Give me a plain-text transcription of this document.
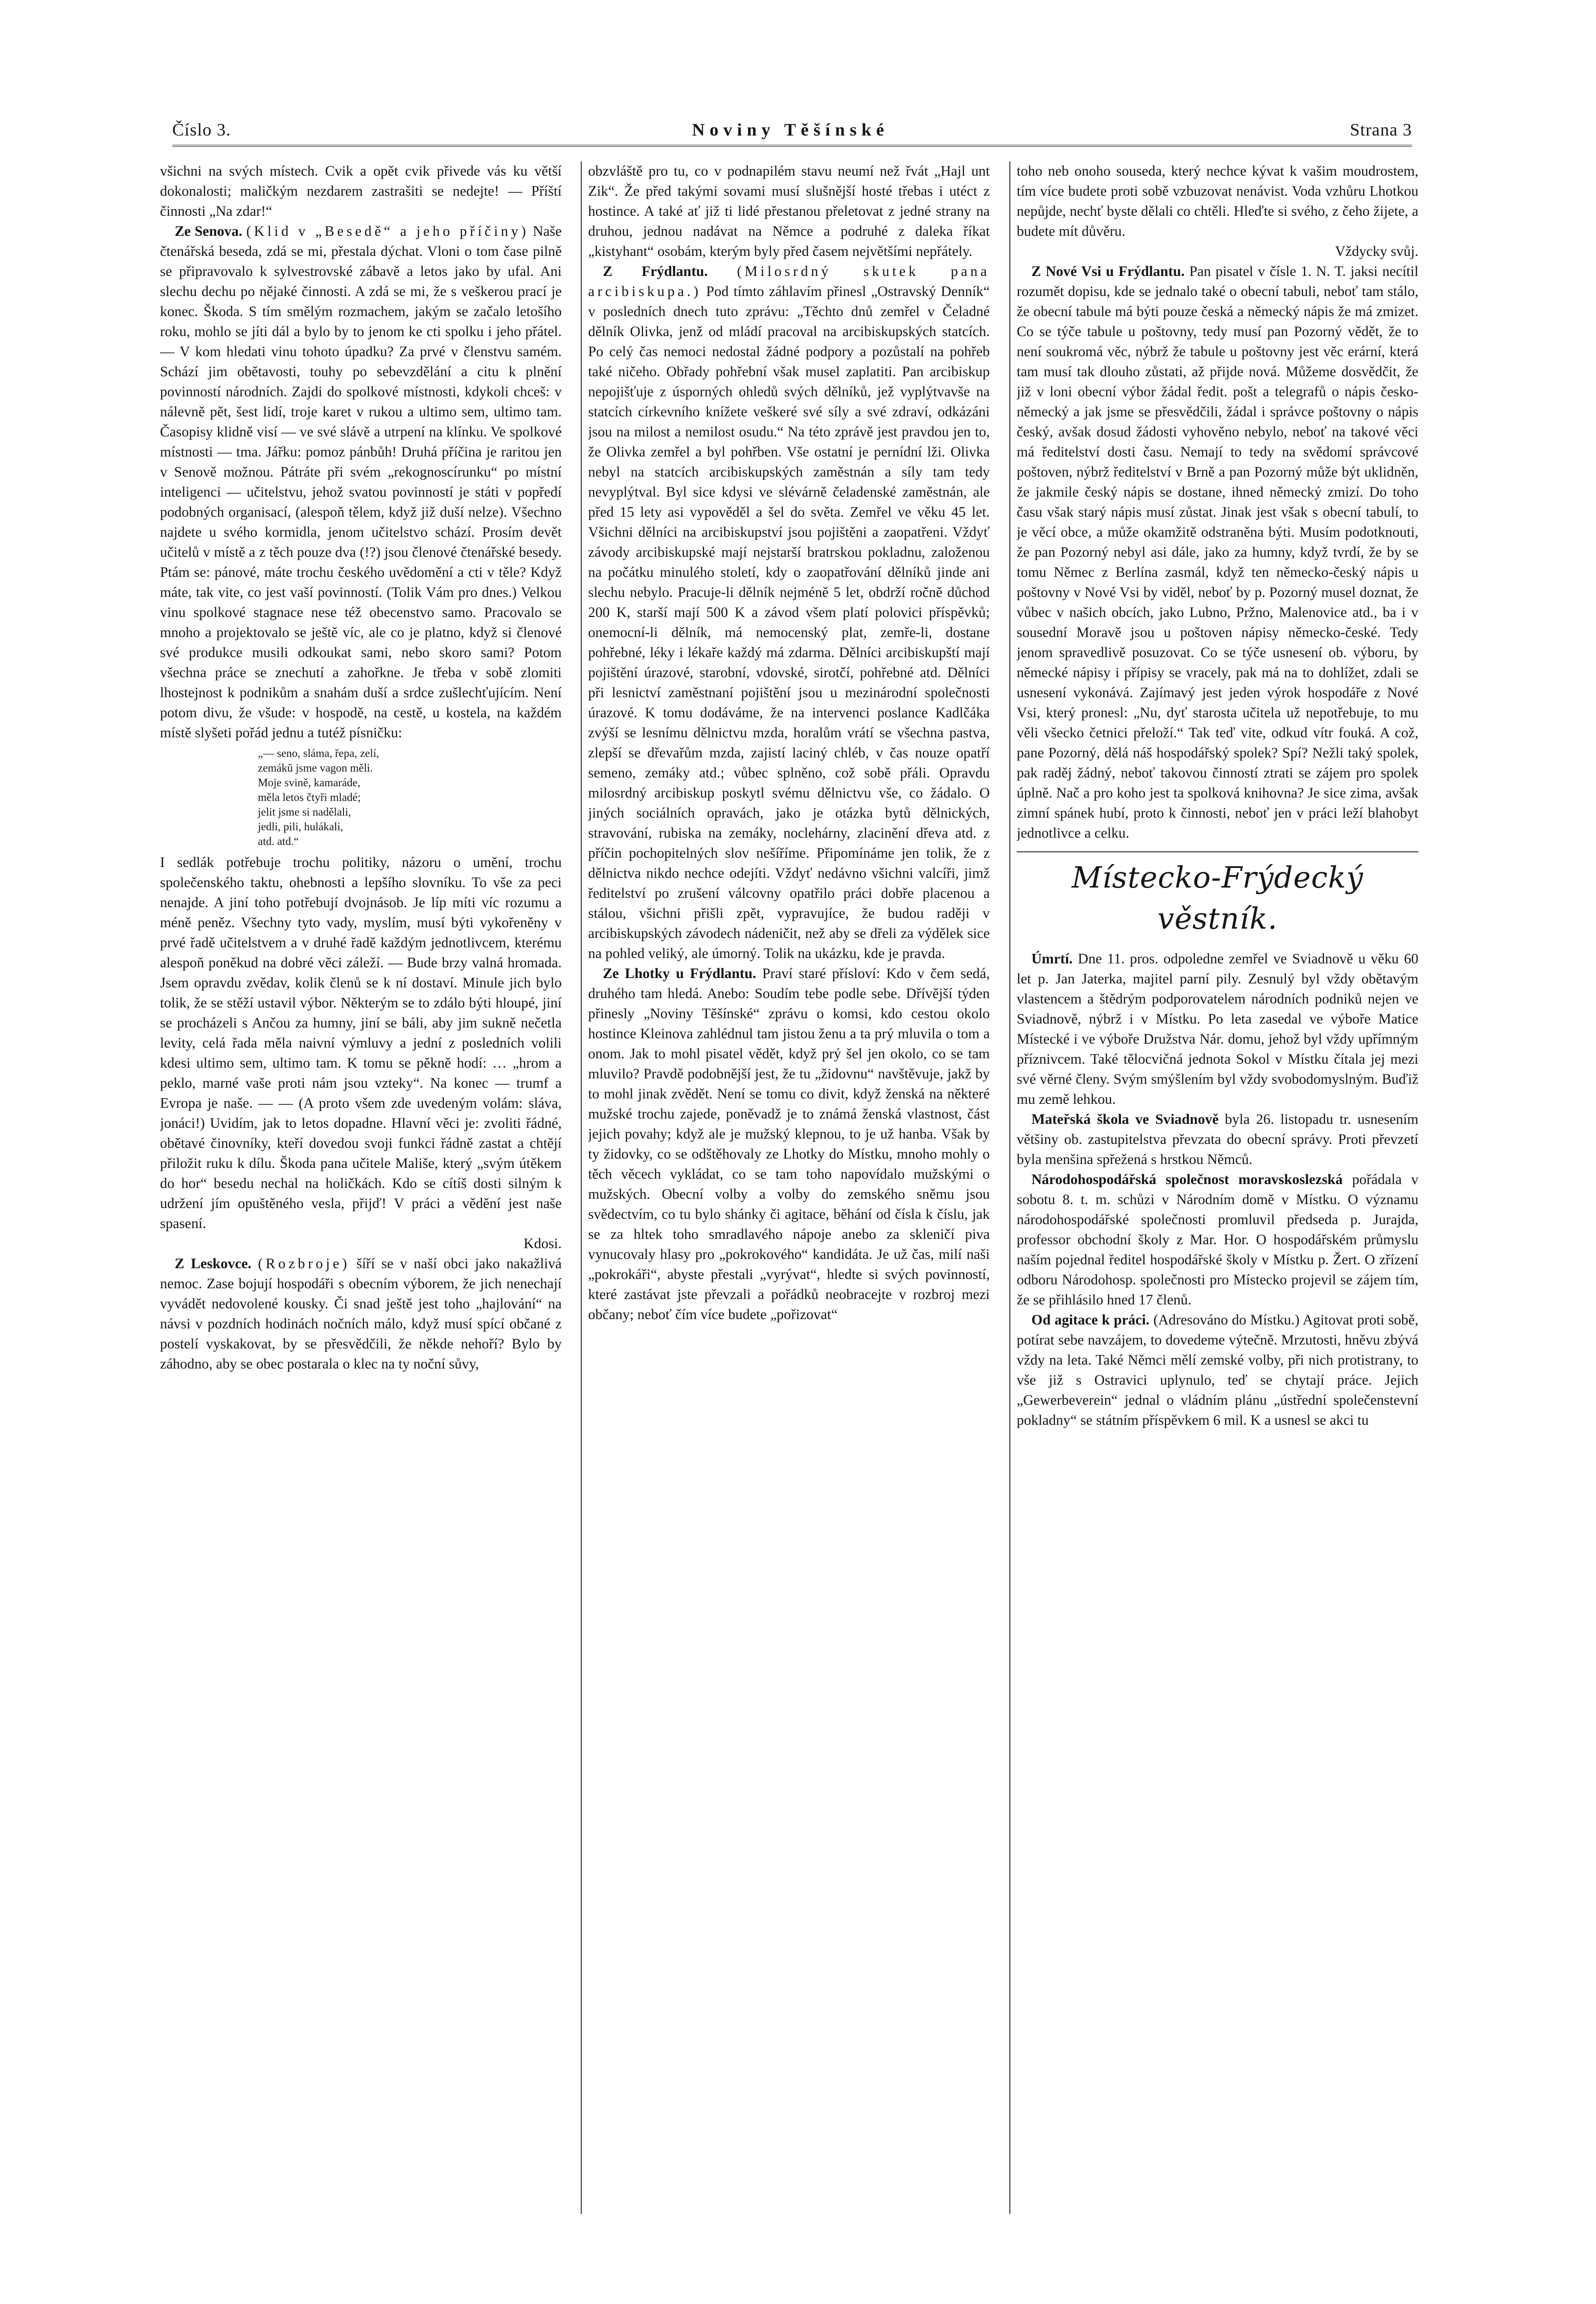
Číslo 3.	Noviny Těšínské	Strana 3

všichni na svých místech. Cvik a opět cvik přivede vás ku větší dokonalosti; maličkým nezdarem zastrašiti se nedejte! — Příští činnosti „Na zdar!“

Ze Senova. (Klid v „Besedě“ a jeho příčiny) Naše čtenářská beseda, zdá se mi, přestala dýchat. Vloni o tom čase pilně se připravovalo k sylvestrovské zábavě a letos jako by ufal. Ani slechu dechu po nějaké činnosti. A zdá se mi, že s veškerou prací je konec. Škoda. S tím smělým rozmachem, jakým se začalo letošího roku, mohlo se jíti dál a bylo by to jenom ke cti spolku i jeho přátel. — V kom hledati vinu tohoto úpadku? Za prvé v členstvu samém. Schází jim obětavosti, touhy po sebevzdělání a citu k plnění povinností národních. Zajdi do spolkové místnosti, kdykoli chceš: v nálevně pět, šest lidí, troje karet v rukou a ultimo sem, ultimo tam. Časopisy klidně visí — ve své slávě a utrpení na klínku. Ve spolkové místnosti — tma. Jářku: pomoz pánbůh! Druhá příčina je raritou jen v Senově možnou. Pátráte při svém „rekognoscírunku“ po místní inteligenci — učitelstvu, jehož svatou povinností je státi v popředí podobných organisací, (alespoň tělem, když již duší nelze). Všechno najdete u svého kormidla, jenom učitelstvo schází. Prosím devět učitelů v místě a z těch pouze dva (!?) jsou členové čtenářské besedy. Ptám se: pánové, máte trochu českého uvědomění a cti v těle? Když máte, tak vite, co jest vaší povinností. (Tolik Vám pro dnes.) Velkou vinu spolkové stagnace nese též obecenstvo samo. Pracovalo se mnoho a projektovalo se ještě víc, ale co je platno, když si členové své produkce musili odkoukat sami, nebo skoro sami? Potom všechna práce se znechutí a zahořkne. Je třeba v sobě zlomiti lhostejnost k podnikům a snahám duší a srdce zušlechťujícím. Není potom divu, že všude: v hospodě, na cestě, u kostela, na každém místě slyšeti pořád jednu a tutéž písničku:

„— seno, sláma, řepa, zelí,
zemákŭ jsme vagon měli.
Moje svině, kamaráde,
měla letos čtyři mladé;
jelit jsme si nadělali,
jedli, pili, hulákali,
atd. atd.“

I sedlák potřebuje trochu politiky, názoru o umění, trochu společenského taktu, ohebnosti a lepšího slovníku. To vše za peci nenajde. A jiní toho potřebují dvojnásob. Je líp míti víc rozumu a méně peněz. Všechny tyto vady, myslím, musí býti vykořeněny v prvé řadě učitelstvem a v druhé řadě každým jednotlivcem, kterému alespoň poněkud na dobré věci záleží. — Bude brzy valná hromada. Jsem opravdu zvědav, kolik členů se k ní dostaví. Minule jich bylo tolik, že se stěží ustavil výbor. Některým se to zdálo býti hloupé, jiní se procházeli s Ančou za humny, jiní se báli, aby jim sukně nečetla levity, celá řada měla naivní výmluvy a jední z posledních volili kdesi ultimo sem, ultimo tam. K tomu se pěkně hodí: … „hrom a peklo, marné vaše proti nám jsou vzteky“. Na konec — trumf a Evropa je naše. — — (A proto všem zde uvedeným volám: sláva, jonáci!) Uvidím, jak to letos dopadne. Hlavní věci je: zvoliti řádné, obětavé činovníky, kteří dovedou svoji funkci řádně zastat a chtějí přiložit ruku k dílu. Škoda pana učitele Mališe, který „svým útěkem do hor“ besedu nechal na holičkách. Kdo se cítíš dosti silným k udržení jím opuštěného vesla, přijď! V práci a vědění jest naše spasení.

Kdosi.

Z Leskovce. (Rozbroje) šíří se v naší obci jako nakažlivá nemoc. Zase bojují hospodáři s obecním výborem, že jich nenechají vyvádět nedovolené kousky. Či snad ještě jest toho „hajlování“ na návsi v pozdních hodinách nočních málo, když musí spící občané z postelí vyskakovat, by se přesvědčili, že někde nehoří? Bylo by záhodno, aby se obec postarala o klec na ty noční sůvy,

obzvláště pro tu, co v podnapilém stavu neumí než řvát „Hajl unt Zik“. Že před takými sovami musí slušnější hosté třebas i utéct z hostince. A také ať již ti lidé přestanou přeletovat z jedné strany na druhou, jednou nadávat na Němce a podruhé z daleka říkat „kistyhant“ osobám, kterým byly před časem největšími nepřátely.

Z Frýdlantu. (Milosrdný skutek pana arcibiskupa.) Pod tímto záhlavím přinesl „Ostravský Denník“ v posledních dnech tuto zprávu: „Těchto dnů zemřel v Čeladné dělník Olivka, jenž od mládí pracoval na arcibiskupských statcích. Po celý čas nemoci nedostal žádné podpory a pozůstalí na pohřeb také ničeho. Obřady pohřební však musel zaplatiti. Pan arcibiskup nepojišťuje z úsporných ohledů svých dělníků, jež vyplýtvavše na statcích církevního knížete veškeré své síly a své zdraví, odkázáni jsou na milost a nemilost osudu.“ Na této zprávě jest pravdou jen to, že Olivka zemřel a byl pohřben. Vše ostatní je pernídní lži. Olivka nebyl na statcích arcibiskupských zaměstnán a síly tam tedy nevyplýtval. Byl sice kdysi ve slévárně čeladenské zaměstnán, ale před 15 lety asi vypověděl a šel do světa. Zemřel ve věku 45 let. Všichni dělníci na arcibiskupství jsou pojištěni a zaopatřeni. Vždyť závody arcibiskupské mají nejstarší bratrskou pokladnu, založenou na počátku minulého století, kdy o zaopatřování dělníků jinde ani slechu nebylo. Pracuje-li dělník nejméně 5 let, obdrží ročně důchod 200 K, starší mají 500 K a závod všem platí polovici příspěvků; onemocní-li dělník, má nemocenský plat, zemře-li, dostane pohřebné, léky i lékaře každý má zdarma. Dělníci arcibiskupští mají pojištění úrazové, starobní, vdovské, sirotčí, pohřebné atd. Dělníci při lesnictví zaměstnaní pojištění jsou u mezinárodní společnosti úrazové. K tomu dodáváme, že na intervenci poslance Kadlčáka zvýší se lesnímu dělnictvu mzda, horalům vrátí se všechna pastva, zlepší se dřevařům mzda, zajistí laciný chléb, v čas nouze opatří semeno, zemáky atd.; vůbec splněno, což sobě přáli. Opravdu milosrdný arcibiskup poskytl svému dělnictvu vše, co žádalo. O jiných sociálních opravách, jako je otázka bytů dělnických, stravování, rubiska na zemáky, noclehárny, zlacinění dřeva atd. z příčin pochopitelných slov nešíříme. Připomínáme jen tolik, že z dělnictva nikdo nechce odejíti. Vždyť nedávno všichni valcíři, jimž ředitelství po zrušení válcovny opatřilo práci dobře placenou a stálou, všichni přišli zpět, vypravujíce, že budou raději v arcibiskupských závodech nádeničit, než aby se dřeli za výdělek sice na pohled veliký, ale úmorný. Tolik na ukázku, kde je pravda.

Ze Lhotky u Frýdlantu. Praví staré přísloví: Kdo v čem sedá, druhého tam hledá. Anebo: Soudím tebe podle sebe. Dřívější týden přinesly „Noviny Těšínské“ zprávu o komsi, kdo cestou okolo hostince Kleinova zahlédnul tam jistou ženu a ta prý mluvila o tom a onom. Jak to mohl pisatel vědět, když prý šel jen okolo, co se tam mluvilo? Pravdě podobnější jest, že tu „židovnu“ navštěvuje, jakž by to mohl jinak zvědět. Není se tomu co divit, když ženská na některé mužské trochu zajede, poněvadž je to známá ženská vlastnost, část jejich povahy; když ale je mužský klepnou, to je už hanba. Však by ty židovky, co se odštěhovaly ze Lhotky do Místku, mnoho mohly o těch věcech vykládat, co se tam toho napovídalo mužskými o mužských. Obecní volby a volby do zemského sněmu jsou svědectvím, co tu bylo shánky či agitace, běhání od čísla k číslu, jak se za hltek toho smradlavého nápoje anebo za skleničí piva vynucovaly hlasy pro „pokrokového“ kandidáta. Je už čas, milí naši „pokrokáři“, abyste přestali „vyrývat“, hledte si svých povinností, které zastávat jste převzali a pořádků neobracejte v rozbroj mezi občany; neboť čím více budete „pořizovat“

toho neb onoho souseda, který nechce kývat k vašim moudrostem, tím více budete proti sobě vzbuzovat nenávist. Voda vzhůru Lhotkou nepůjde, nechť byste dělali co chtěli. Hleďte si svého, z čeho žijete, a budete mít důvěru.

Vždycky svůj.

Z Nové Vsi u Frýdlantu. Pan pisatel v čísle 1. N. T. jaksi necítil rozumět dopisu, kde se jednalo také o obecní tabuli, neboť tam stálo, že obecní tabule má býti pouze česká a německý nápis že má zmizet. Co se týče tabule u poštovny, tedy musí pan Pozorný vědět, že to není soukromá věc, nýbrž že tabule u poštovny jest věc erární, která tam musí tak dlouho zůstati, až přijde nová. Můžeme dosvědčit, že již v loni obecní výbor žádal ředit. pošt a telegrafů o nápis česko-německý a jak jsme se přesvědčili, žádal i správce poštovny o nápis český, avšak dosud žádosti vyhověno nebylo, neboť na takové věci má ředitelství dosti času. Nemají to tedy na svědomí správcové poštoven, nýbrž ředitelství v Brně a pan Pozorný může být uklidněn, že jakmile český nápis se dostane, ihned německý zmizí. Do toho času však starý nápis musí zůstat. Jinak jest však s obecní tabulí, to je věcí obce, a může okamžitě odstraněna býti. Musím podotknouti, že pan Pozorný nebyl asi dále, jako za humny, když tvrdí, že by se tomu Němec z Berlína zasmál, když ten německo-český nápis u poštovny v Nové Vsi by viděl, neboť by p. Pozorný musel doznat, že vůbec v našich obcích, jako Lubno, Pržno, Malenovice atd., ba i v sousední Moravě jsou u poštoven nápisy německo-české. Tedy jenom spravedlivě posuzovat. Co se týče usnesení ob. výboru, by německé nápisy i přípisy se vracely, pak má na to dohlížet, zdali se usnesení vykonává. Zajímavý jest jeden výrok hospodáře z Nové Vsi, který pronesl: „Nu, dyť starosta učitela už nepotřebuje, to mu věli všecko četnici přeloží.“ Tak teď vite, odkud vítr fouká. A což, pane Pozorný, dělá náš hospodářský spolek? Spí? Nežli taký spolek, pak raděj žádný, neboť takovou činností ztrati se zájem pro spolek úplně. Nač a pro koho jest ta spolková knihovna? Je sice zima, avšak zimní spánek hubí, proto k činnosti, neboť jen v práci leží blahobyt jednotlivce a celku.

Místecko-Frýdecký věstník.

Úmrtí. Dne 11. pros. odpoledne zemřel ve Sviadnově u věku 60 let p. Jan Jaterka, majitel parní pily. Zesnulý byl vždy obětavým vlastencem a štědrým podporovatelem národních podniků nejen ve Sviadnově, nýbrž i v Místku. Po leta zasedal ve výboře Matice Místecké i ve výboře Družstva Nár. domu, jehož byl vždy upřímným příznivcem. Také tělocvičná jednota Sokol v Místku čítala jej mezi své věrné členy. Svým smýšlením byl vždy svobodomyslným. Buďiž mu země lehkou.

Mateřská škola ve Sviadnově byla 26. listopadu tr. usnesením většiny ob. zastupitelstva převzata do obecní správy. Proti převzetí byla menšina spřežená s hrstkou Němců.

Národohospodářská společnost moravskoslezská pořádala v sobotu 8. t. m. schůzi v Národním domě v Místku. O významu národohospodářské společnosti promluvil předseda p. Jurajda, professor obchodní školy z Mar. Hor. O hospodářském průmyslu naším pojednal ředitel hospodářské školy v Místku p. Žert. O zřízení odboru Národohosp. společnosti pro Místecko projevil se zájem tím, že se přihlásilo hned 17 členů.

Od agitace k práci. (Adresováno do Místku.) Agitovat proti sobě, potírat sebe navzájem, to dovedeme výtečně. Mrzutosti, hněvu zbývá vždy na leta. Také Němci mělí zemské volby, při nich protistrany, to vše již s Ostravici uplynulo, teď se chytají práce. Jejich „Gewerbeverein“ jednal o vládním plánu „ústřední společenstevní pokladny“ se státním příspěvkem 6 mil. K a usnesl se akci tu
